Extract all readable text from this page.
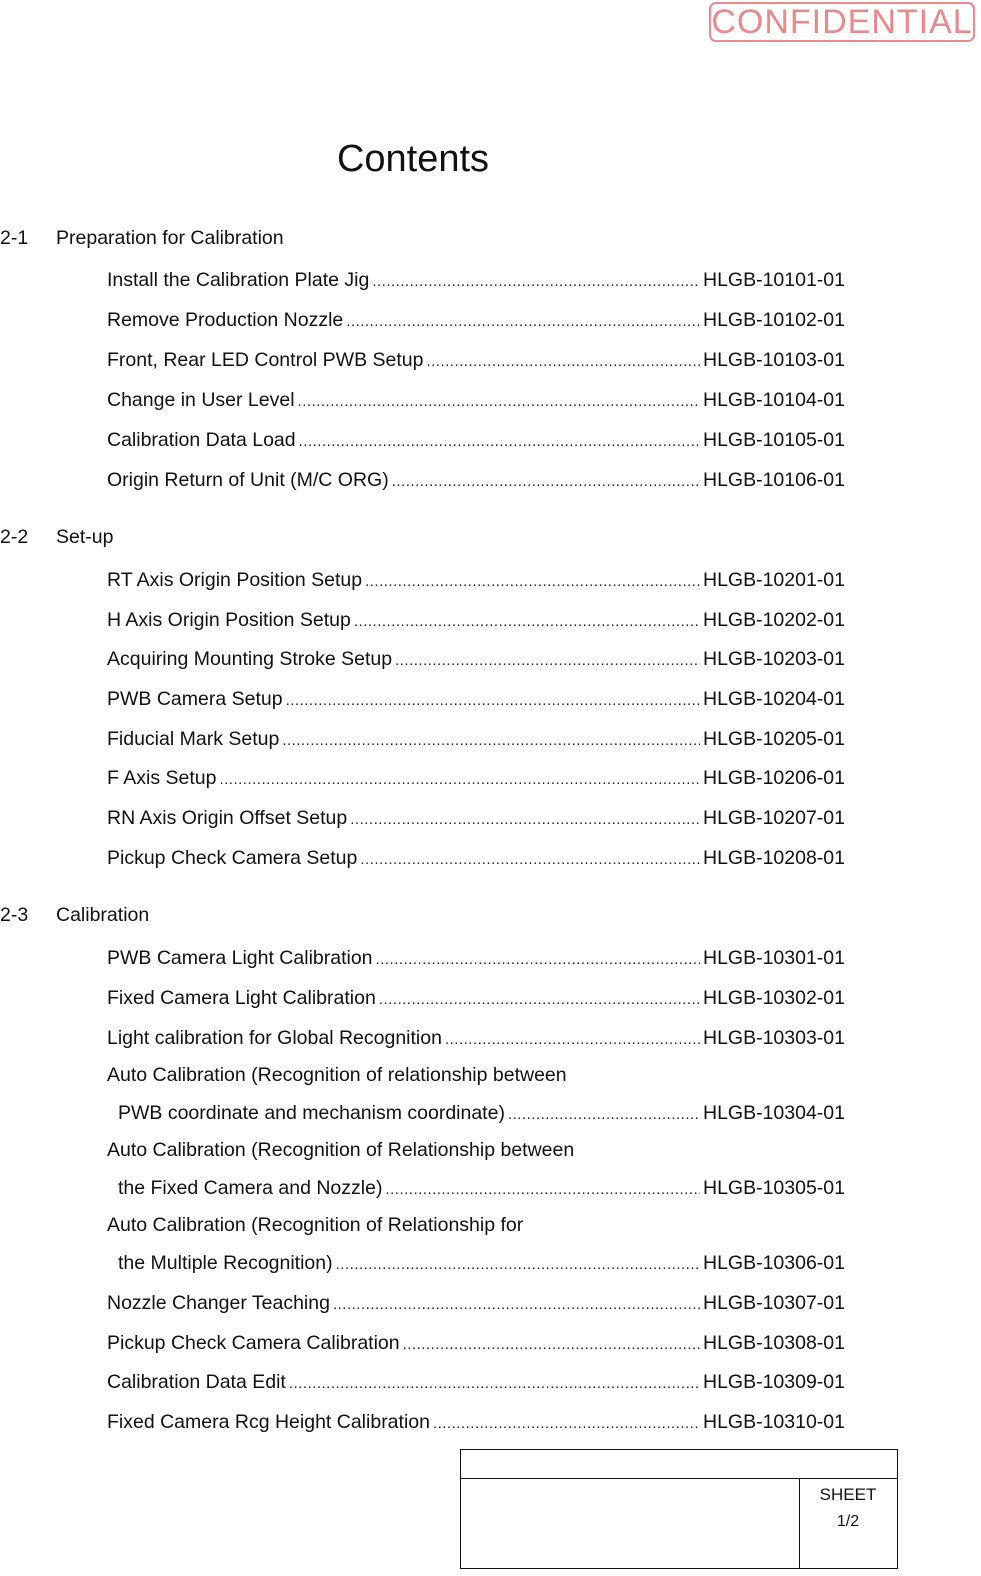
CONFIDENTIAL
Contents
2-1 Preparation for Calibration
Install the Calibration Plate Jig .....	HLGB-10101-01
Remove Production Nozzle .....	HLGB-10102-01
Front, Rear LED Control PWB Setup .....	HLGB-10103-01
Change in User Level .....	HLGB-10104-01
Calibration Data Load .....	HLGB-10105-01
Origin Return of Unit (M/C ORG) .....	HLGB-10106-01
2-2 Set-up
RT Axis Origin Position Setup .....	HLGB-10201-01
H Axis Origin Position Setup .....	HLGB-10202-01
Acquiring Mounting Stroke Setup .....	HLGB-10203-01
PWB Camera Setup .....	HLGB-10204-01
Fiducial Mark Setup .....	HLGB-10205-01
F Axis Setup .....	HLGB-10206-01
RN Axis Origin Offset Setup .....	HLGB-10207-01
Pickup Check Camera Setup .....	HLGB-10208-01
2-3 Calibration
PWB Camera Light Calibration .....	HLGB-10301-01
Fixed Camera Light Calibration .....	HLGB-10302-01
Light calibration for Global Recognition .....	HLGB-10303-01
Auto Calibration (Recognition of relationship between
PWB coordinate and mechanism coordinate) .....	HLGB-10304-01
Auto Calibration (Recognition of Relationship between
the Fixed Camera and Nozzle) .....	HLGB-10305-01
Auto Calibration (Recognition of Relationship for
the Multiple Recognition) .....	HLGB-10306-01
Nozzle Changer Teaching .....	HLGB-10307-01
Pickup Check Camera Calibration .....	HLGB-10308-01
Calibration Data Edit .....	HLGB-10309-01
Fixed Camera Rcg Height Calibration .....	HLGB-10310-01
SHEET
1/2
